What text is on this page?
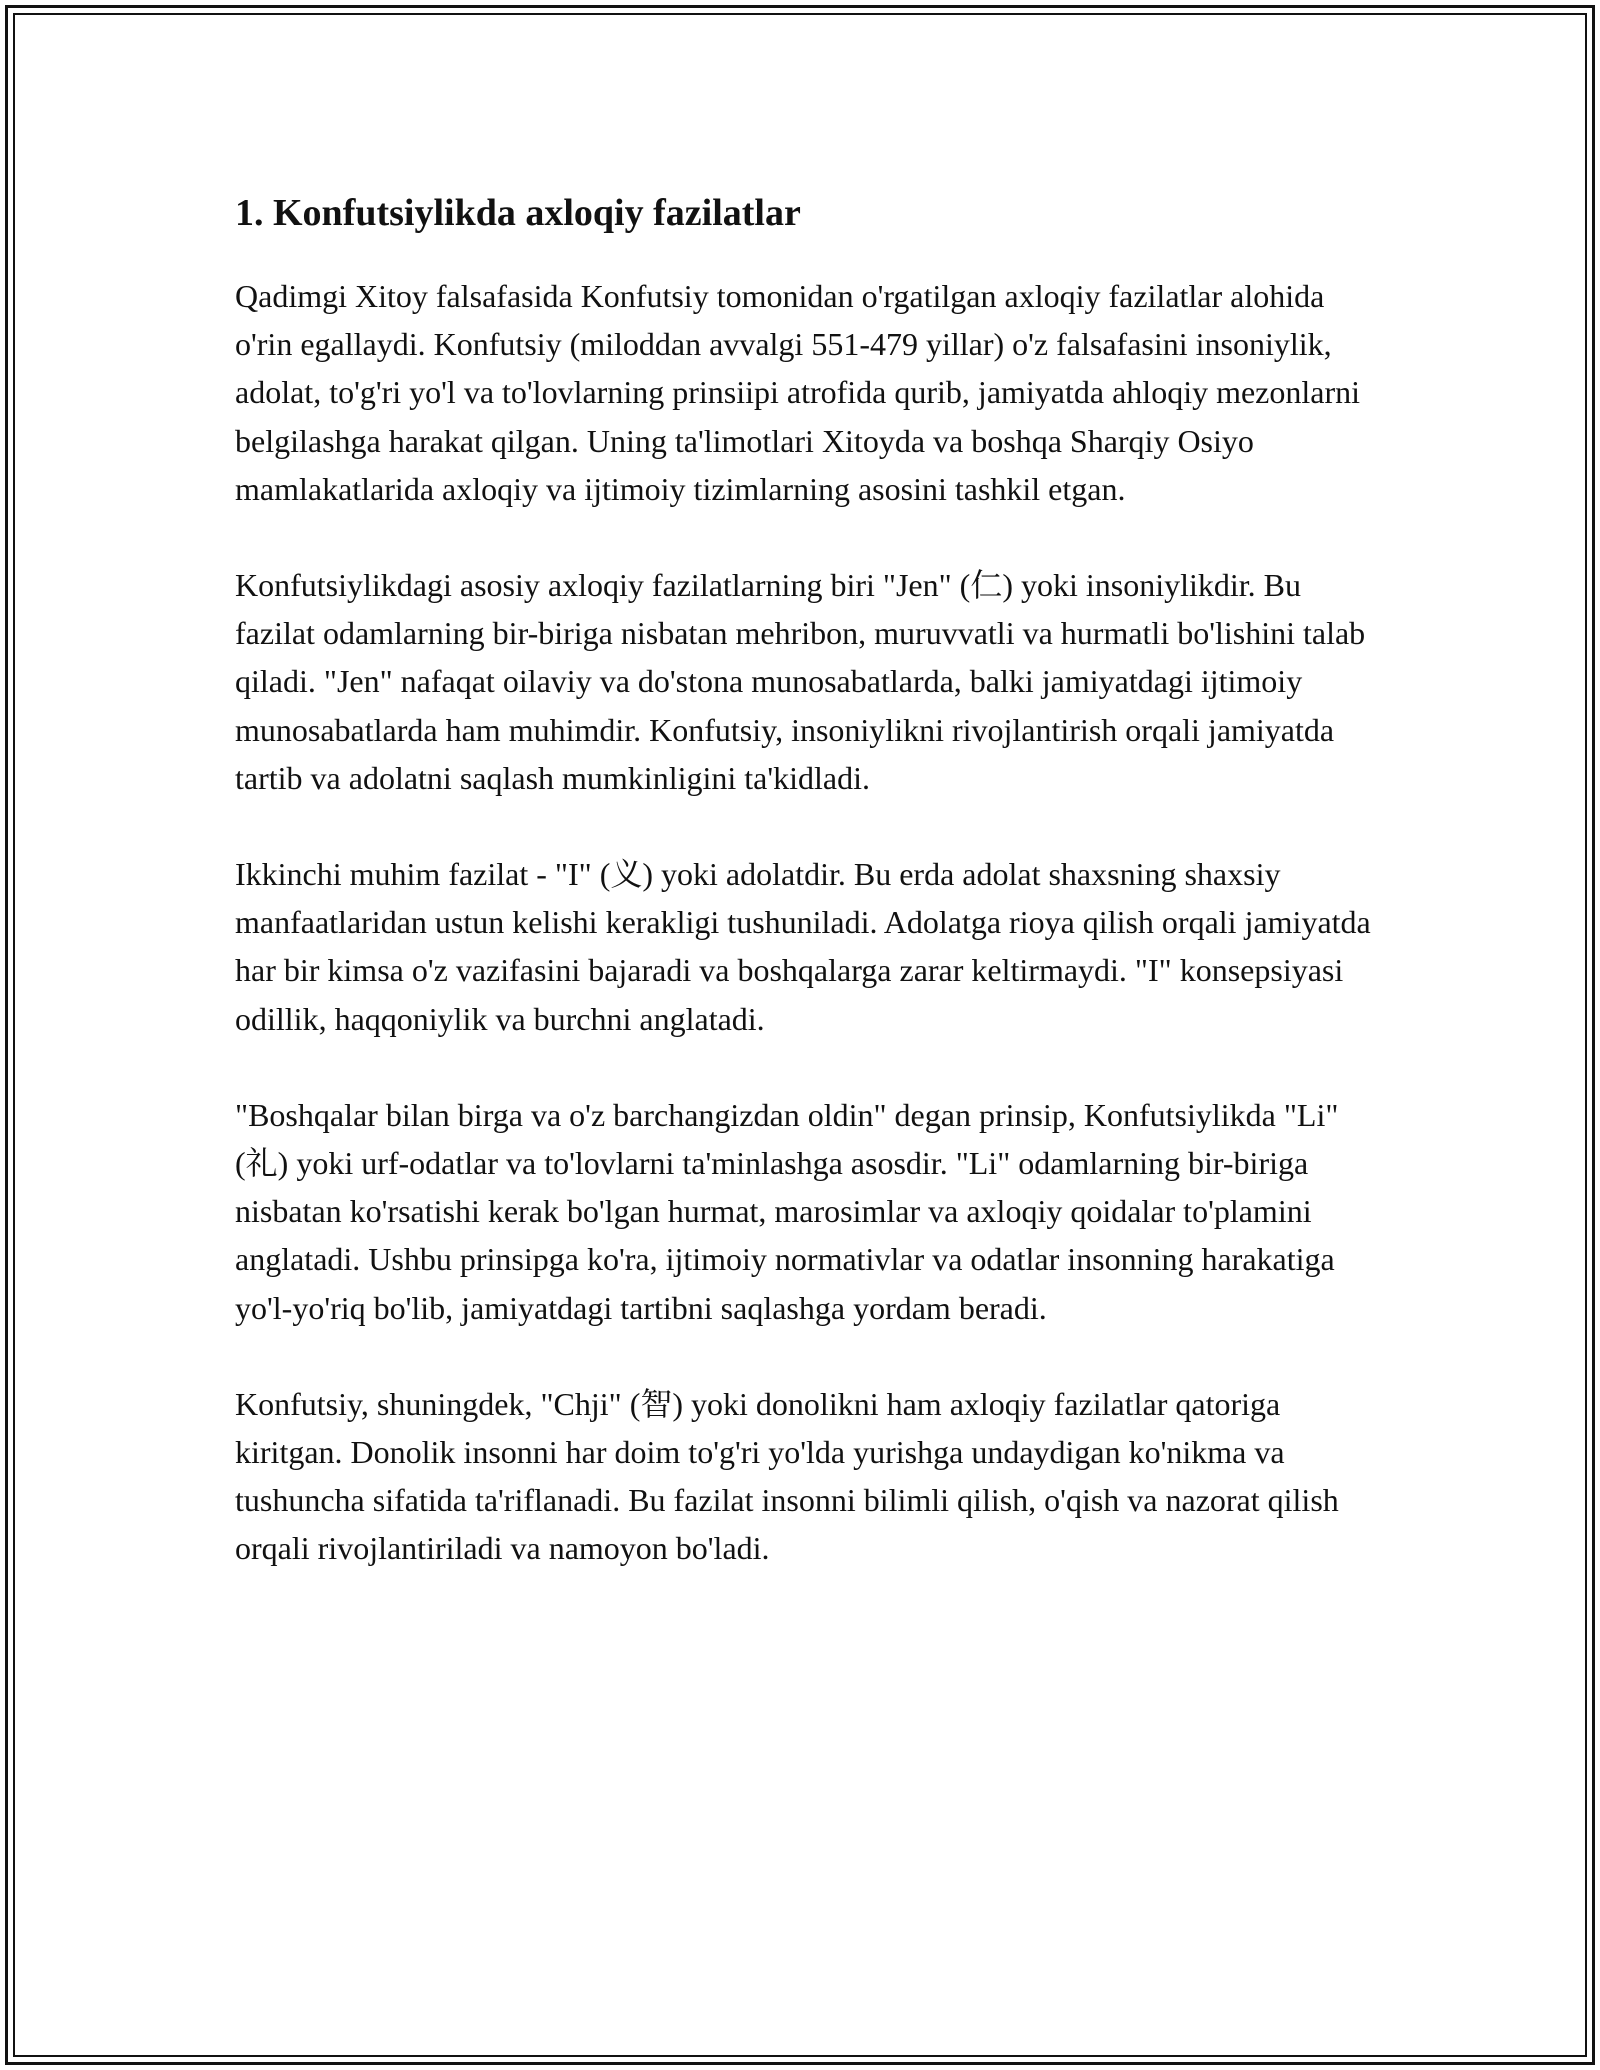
1. Konfutsiylikda axloqiy fazilatlar

Qadimgi Xitoy falsafasida Konfutsiy tomonidan o'rgatilgan axloqiy fazilatlar alohida o'rin egallaydi. Konfutsiy (miloddan avvalgi 551-479 yillar) o'z falsafasini insoniylik, adolat, to'g'ri yo'l va to'lovlarning prinsiipi atrofida qurib, jamiyatda ahloqiy mezonlarni belgilashga harakat qilgan. Uning ta'limotlari Xitoyda va boshqa Sharqiy Osiyo mamlakatlarida axloqiy va ijtimoiy tizimlarning asosini tashkil etgan.

Konfutsiylikdagi asosiy axloqiy fazilatlarning biri "Jen" (仁) yoki insoniylikdir. Bu fazilat odamlarning bir-biriga nisbatan mehribon, muruvvatli va hurmatli bo'lishini talab qiladi. "Jen" nafaqat oilaviy va do'stona munosabatlarda, balki jamiyatdagi ijtimoiy munosabatlarda ham muhimdir. Konfutsiy, insoniylikni rivojlantirish orqali jamiyatda tartib va adolatni saqlash mumkinligini ta'kidladi.

Ikkinchi muhim fazilat - "I" (义) yoki adolatdir. Bu erda adolat shaxsning shaxsiy manfaatlaridan ustun kelishi kerakligi tushuniladi. Adolatga rioya qilish orqali jamiyatda har bir kimsa o'z vazifasini bajaradi va boshqalarga zarar keltirmaydi. "I" konsepsiyasi odillik, haqqoniylik va burchni anglatadi.

"Boshqalar bilan birga va o'z barchangizdan oldin" degan prinsip, Konfutsiylikda "Li" (礼) yoki urf-odatlar va to'lovlarni ta'minlashga asosdir. "Li" odamlarning bir-biriga nisbatan ko'rsatishi kerak bo'lgan hurmat, marosimlar va axloqiy qoidalar to'plamini anglatadi. Ushbu prinsipga ko'ra, ijtimoiy normativlar va odatlar insonning harakatiga yo'l-yo'riq bo'lib, jamiyatdagi tartibni saqlashga yordam beradi.

Konfutsiy, shuningdek, "Chji" (智) yoki donolikni ham axloqiy fazilatlar qatoriga kiritgan. Donolik insonni har doim to'g'ri yo'lda yurishga undaydigan ko'nikma va tushuncha sifatida ta'riflanadi. Bu fazilat insonni bilimli qilish, o'qish va nazorat qilish orqali rivojlantiriladi va namoyon bo'ladi.
